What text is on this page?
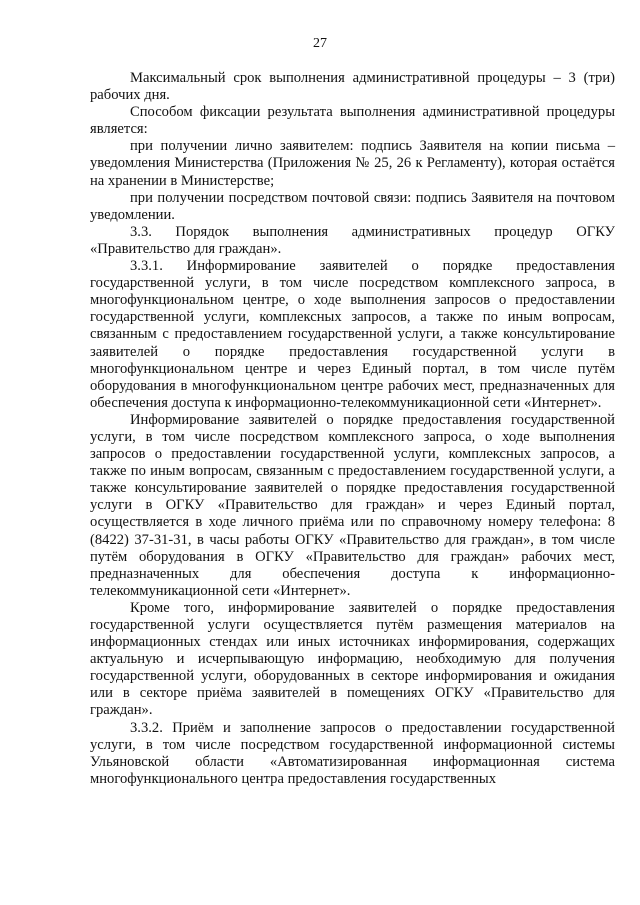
27

Максимальный срок выполнения административной процедуры – 3 (три) рабочих дня.

Способом фиксации результата выполнения административной процедуры является:

при получении лично заявителем: подпись Заявителя на копии письма – уведомления Министерства (Приложения № 25, 26 к Регламенту), которая остаётся на хранении в Министерстве;

при получении посредством почтовой связи: подпись Заявителя на почтовом уведомлении.

3.3. Порядок выполнения административных процедур ОГКУ «Правительство для граждан».

3.3.1. Информирование заявителей о порядке предоставления государственной услуги, в том числе посредством комплексного запроса, в многофункциональном центре, о ходе выполнения запросов о предоставлении государственной услуги, комплексных запросов, а также по иным вопросам, связанным с предоставлением государственной услуги, а также консультирование заявителей о порядке предоставления государственной услуги в многофункциональном центре и через Единый портал, в том числе путём оборудования в многофункциональном центре рабочих мест, предназначенных для обеспечения доступа к информационно-телекоммуникационной сети «Интернет».

Информирование заявителей о порядке предоставления государственной услуги, в том числе посредством комплексного запроса, о ходе выполнения запросов о предоставлении государственной услуги, комплексных запросов, а также по иным вопросам, связанным с предоставлением государственной услуги, а также консультирование заявителей о порядке предоставления государственной услуги в ОГКУ «Правительство для граждан» и через Единый портал, осуществляется в ходе личного приёма или по справочному номеру телефона: 8 (8422) 37-31-31, в часы работы ОГКУ «Правительство для граждан», в том числе путём оборудования в ОГКУ «Правительство для граждан» рабочих мест, предназначенных для обеспечения доступа к информационно-телекоммуникационной сети «Интернет».

Кроме того, информирование заявителей о порядке предоставления государственной услуги осуществляется путём размещения материалов на информационных стендах или иных источниках информирования, содержащих актуальную и исчерпывающую информацию, необходимую для получения государственной услуги, оборудованных в секторе информирования и ожидания или в секторе приёма заявителей в помещениях ОГКУ «Правительство для граждан».

3.3.2. Приём и заполнение запросов о предоставлении государственной услуги, в том числе посредством государственной информационной системы Ульяновской области «Автоматизированная информационная система многофункционального центра предоставления государственных
